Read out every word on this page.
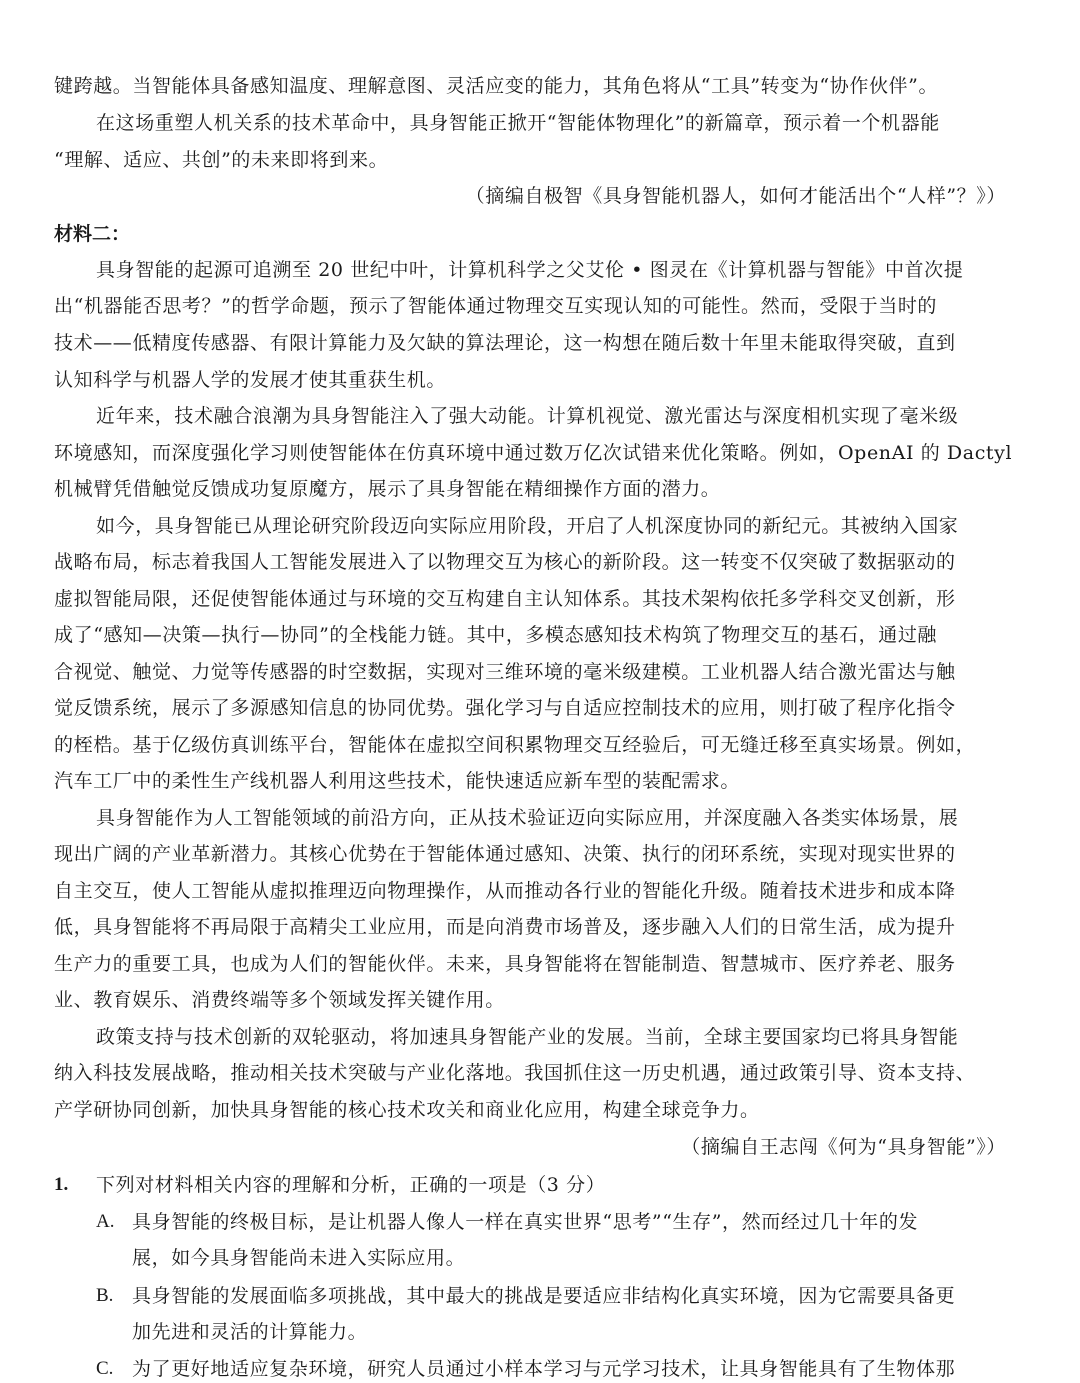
键跨越。当智能体具备感知温度、理解意图、灵活应变的能力，其角色将从“工具”转变为“协作伙伴”。
在这场重塑人机关系的技术革命中，具身智能正掀开“智能体物理化”的新篇章，预示着一个机器能
“理解、适应、共创”的未来即将到来。
（摘编自极智《具身智能机器人，如何才能活出个“人样”？》）
材料二：
具身智能的起源可追溯至 20 世纪中叶，计算机科学之父艾伦 • 图灵在《计算机器与智能》中首次提
出“机器能否思考？”的哲学命题，预示了智能体通过物理交互实现认知的可能性。然而，受限于当时的
技术——低精度传感器、有限计算能力及欠缺的算法理论，这一构想在随后数十年里未能取得突破，直到
认知科学与机器人学的发展才使其重获生机。
近年来，技术融合浪潮为具身智能注入了强大动能。计算机视觉、激光雷达与深度相机实现了毫米级
环境感知，而深度强化学习则使智能体在仿真环境中通过数万亿次试错来优化策略。例如，OpenAI 的 Dactyl
机械臂凭借触觉反馈成功复原魔方，展示了具身智能在精细操作方面的潜力。
如今，具身智能已从理论研究阶段迈向实际应用阶段，开启了人机深度协同的新纪元。其被纳入国家
战略布局，标志着我国人工智能发展进入了以物理交互为核心的新阶段。这一转变不仅突破了数据驱动的
虚拟智能局限，还促使智能体通过与环境的交互构建自主认知体系。其技术架构依托多学科交叉创新，形
成了“感知—决策—执行—协同”的全栈能力链。其中，多模态感知技术构筑了物理交互的基石，通过融
合视觉、触觉、力觉等传感器的时空数据，实现对三维环境的毫米级建模。工业机器人结合激光雷达与触
觉反馈系统，展示了多源感知信息的协同优势。强化学习与自适应控制技术的应用，则打破了程序化指令
的桎梏。基于亿级仿真训练平台，智能体在虚拟空间积累物理交互经验后，可无缝迁移至真实场景。例如，
汽车工厂中的柔性生产线机器人利用这些技术，能快速适应新车型的装配需求。
具身智能作为人工智能领域的前沿方向，正从技术验证迈向实际应用，并深度融入各类实体场景，展
现出广阔的产业革新潜力。其核心优势在于智能体通过感知、决策、执行的闭环系统，实现对现实世界的
自主交互，使人工智能从虚拟推理迈向物理操作，从而推动各行业的智能化升级。随着技术进步和成本降
低，具身智能将不再局限于高精尖工业应用，而是向消费市场普及，逐步融入人们的日常生活，成为提升
生产力的重要工具，也成为人们的智能伙伴。未来，具身智能将在智能制造、智慧城市、医疗养老、服务
业、教育娱乐、消费终端等多个领域发挥关键作用。
政策支持与技术创新的双轮驱动，将加速具身智能产业的发展。当前，全球主要国家均已将具身智能
纳入科技发展战略，推动相关技术突破与产业化落地。我国抓住这一历史机遇，通过政策引导、资本支持、
产学研协同创新，加快具身智能的核心技术攻关和商业化应用，构建全球竞争力。
（摘编自王志闯《何为“具身智能”》）
1. 下列对材料相关内容的理解和分析，正确的一项是（3 分）
A. 具身智能的终极目标，是让机器人像人一样在真实世界“思考”“生存”，然而经过几十年的发
展，如今具身智能尚未进入实际应用。
B. 具身智能的发展面临多项挑战，其中最大的挑战是要适应非结构化真实环境，因为它需要具备更
加先进和灵活的计算能力。
C. 为了更好地适应复杂环境，研究人员通过小样本学习与元学习技术，让具身智能具有了生物体那
